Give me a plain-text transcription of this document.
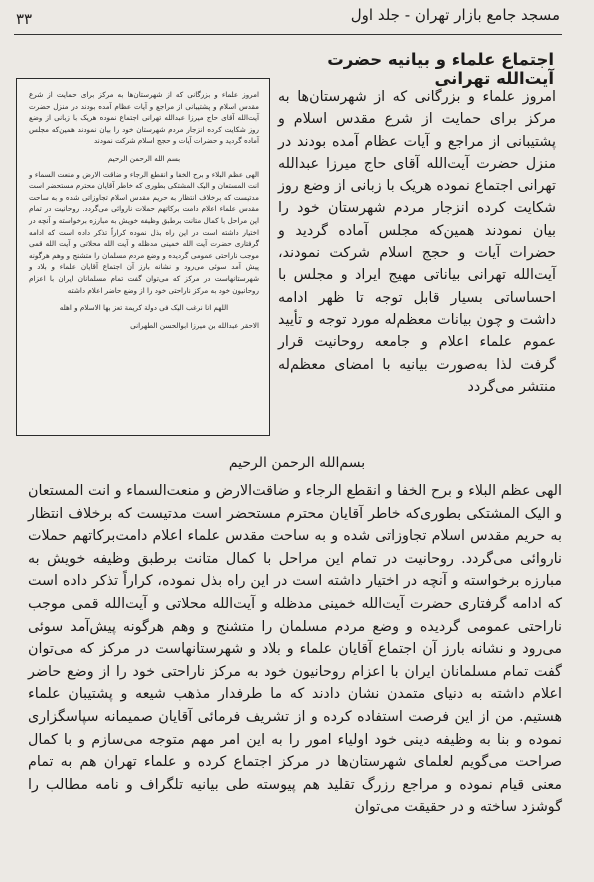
مسجد جامع بازار تهران - جلد اول
۳۳
اجتماع علماء و بیانیه حضرت آیت‌الله تهرانی
امروز علماء و بزرگانی که از شهرستان‌ها به مرکز برای حمایت از شرع مقدس اسلام و پشتیبانی از مراجع و آیات عظام آمده بودند در منزل حضرت آیت‌الله آقای حاج میرزا عبدالله تهرانی اجتماع نموده هریک با زبانی از وضع روز شکایت کرده انزجار مردم شهرستان خود را بیان نمودند همین‌که مجلس آماده گردید و حضرات آیات و حجج اسلام شرکت نمودند، آیت‌الله تهرانی بیاناتی مهیج ایراد و مجلس با احساساتی بسیار قابل توجه تا ظهر ادامه داشت و چون بیانات معظم‌له مورد توجه و تأیید عموم علماء اعلام و جامعه روحانیت قرار گرفت لذا به‌صورت بیانیه با امضای معظم‌له منتشر می‌گردد
امروز علماء و بزرگانی که از شهرستان‌ها به مرکز برای حمایت از شرع مقدس اسلام و پشتیبانی از مراجع و آیات عظام آمده بودند در منزل حضرت آیت‌الله آقای حاج میرزا عبدالله تهرانی اجتماع نموده هریک با زبانی از وضع روز شکایت کرده انزجار مردم شهرستان خود را بیان نمودند همین‌که مجلس آماده گردید و حضرات آیات و حجج اسلام شرکت نمودند
بسم الله الرحمن الرحیم
الهی عظم البلاء و برح الخفا و انقطع الرجاء و ضاقت الارض و منعت السماء و انت المستعان و الیک المشتکی بطوری که خاطر آقایان محترم مستحضر است مدتیست که برخلاف انتظار به حریم مقدس اسلام تجاوزاتی شده و به ساحت مقدس علماء اعلام دامت برکاتهم حملات ناروائی می‌گردد. روحانیت در تمام این مراحل با کمال متانت برطبق وظیفه خویش به مبارزه برخواسته و آنچه در اختیار داشته است در این راه بذل نموده کراراً تذکر داده است که ادامه گرفتاری حضرت آیت الله خمینی مدظله و آیت الله محلاتی و آیت الله قمی موجب ناراحتی عمومی گردیده و وضع مردم مسلمان را متشنج و وهم هرگونه پیش آمد سوئی می‌رود و نشانه بارز آن اجتماع آقایان علماء و بلاد و شهرستانهاست در مرکز که می‌توان گفت تمام مسلمانان ایران با اعزام روحانیون خود به مرکز ناراحتی خود را از وضع حاضر اعلام داشته
اللهم انا نرغب الیک فی دولة کریمة تعز بها الاسلام و اهله
الاحقر عبدالله بن میرزا ابوالحسن الطهرانی
بسم‌الله الرحمن الرحیم
الهی عظم البلاء و برح الخفا و انقطع الرجاء و ضاقت‌الارض و منعت‌السماء و انت المستعان و الیک المشتکی بطوری‌که خاطر آقایان محترم مستحضر است مدتیست که برخلاف انتظار به حریم مقدس اسلام تجاوزاتی شده و به ساحت مقدس علماء اعلام دامت‌برکاتهم حملات ناروائی می‌گردد. روحانیت در تمام این مراحل با کمال متانت برطبق وظیفه خویش به مبارزه برخواسته و آنچه در اختیار داشته است در این راه بذل نموده، کراراً تذکر داده است که ادامه گرفتاری حضرت آیت‌الله خمینی مدظله و آیت‌الله محلاتی و آیت‌الله قمی موجب ناراحتی عمومی گردیده و وضع مردم مسلمان را متشنج و وهم هرگونه پیش‌آمد سوئی می‌رود و نشانه بارز آن اجتماع آقایان علماء و بلاد و شهرستانهاست در مرکز که می‌توان گفت تمام مسلمانان ایران با اعزام روحانیون خود به مرکز ناراحتی خود را از وضع حاضر اعلام داشته به دنیای متمدن نشان دادند که ما طرفدار مذهب شیعه و پشتیبان علماء هستیم. من از این فرصت استفاده کرده و از تشریف فرمائی آقایان صمیمانه سپاسگزاری نموده و بنا به وظیفه دینی خود اولیاء امور را به این امر مهم متوجه می‌سازم و با کمال صراحت می‌گویم لعلمای شهرستان‌ها در مرکز اجتماع کرده و علماء تهران هم به تمام معنی قیام نموده و مراجع رزرگ تقلید هم پیوسته طی بیانیه تلگراف و نامه مطالب را گوشزد ساخته و در حقیقت می‌توان
